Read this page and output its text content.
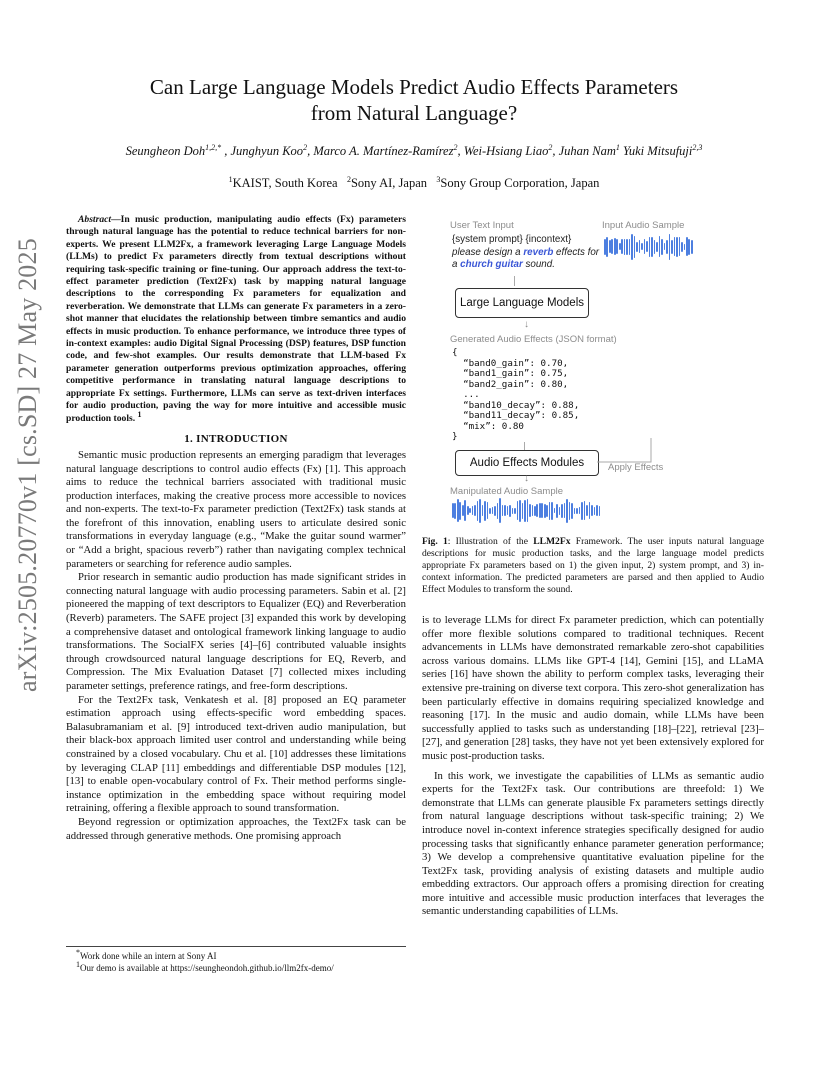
arXiv:2505.20770v1 [cs.SD] 27 May 2025
Can Large Language Models Predict Audio Effects Parameters
from Natural Language?
Seungheon Doh$^{1,2,*}$ , Junghyun Koo$^2$, Marco A. Martínez-Ramírez$^2$, Wei-Hsiang Liao$^2$, Juhan Nam$^1$ Yuki Mitsufuji$^{2,3}$
$^1$KAIST, South Korea $^2$Sony AI, Japan $^3$Sony Group Corporation, Japan

Abstract—In music production, manipulating audio effects (Fx) parameters through natural language has the potential to reduce technical barriers for non-experts. We present LLM2Fx, a framework leveraging Large Language Models (LLMs) to predict Fx parameters directly from textual descriptions without requiring task-specific training or fine-tuning. Our approach address the text-to-effect parameter prediction (Text2Fx) task by mapping natural language descriptions to the corresponding Fx parameters for equalization and reverberation. We demonstrate that LLMs can generate Fx parameters in a zero-shot manner that elucidates the relationship between timbre semantics and audio effects in music production. To enhance performance, we introduce three types of in-context examples: audio Digital Signal Processing (DSP) features, DSP function code, and few-shot examples. Our results demonstrate that LLM-based Fx parameter generation outperforms previous optimization approaches, offering competitive performance in translating natural language descriptions to appropriate Fx settings. Furthermore, LLMs can serve as text-driven interfaces for audio production, paving the way for more intuitive and accessible music production tools. $^1$

1. INTRODUCTION

Semantic music production represents an emerging paradigm that leverages natural language descriptions to control audio effects (Fx) [1]. This approach aims to reduce the technical barriers associated with traditional music production interfaces, making the creative process more accessible to novices and non-experts. The text-to-Fx parameter prediction (Text2Fx) task stands at the forefront of this innovation, enabling users to articulate desired sonic transformations in everyday language (e.g., “Make the guitar sound warmer” or “Add a bright, spacious reverb”) rather than navigating complex technical parameters or searching for reference audio samples.

Prior research in semantic audio production has made significant strides in connecting natural language with audio processing parameters. Sabin et al. [2] pioneered the mapping of text descriptors to Equalizer (EQ) and Reverberation (Reverb) parameters. The SAFE project [3] expanded this work by developing a comprehensive dataset and ontological framework linking language to audio transformations. The SocialFX series [4]–[6] contributed valuable insights through crowdsourced natural language descriptions for EQ, Reverb, and Compression. The Mix Evaluation Dataset [7] collected mixes including parameter settings, preference ratings, and free-form descriptions.

For the Text2Fx task, Venkatesh et al. [8] proposed an EQ parameter estimation approach using effects-specific word embedding spaces. Balasubramaniam et al. [9] introduced text-driven audio manipulation, but their black-box approach limited user control and understanding while being constrained by a closed vocabulary. Chu et al. [10] addresses these limitations by leveraging CLAP [11] embeddings and differentiable DSP modules [12], [13] to enable open-vocabulary control of Fx. Their method performs single-instance optimization in the embedding space without requiring model retraining, offering a flexible approach to sound transformation.

Beyond regression or optimization approaches, the Text2Fx task can be addressed through generative methods. One promising approach

*Work done while an intern at Sony AI

$^1$Our demo is available at https://seungheondoh.github.io/llm2fx-demo/

User Text Input	Input Audio Sample
{system prompt} {incontext}
please design a reverb effects for
a church guitar sound.
Large Language Models
↓
Generated Audio Effects (JSON format)
{
“band0_gain”: 0.70,
“band1_gain”: 0.75,
“band2_gain”: 0.80,
...
“band10_decay”: 0.88,
“band11_decay”: 0.85,
“mix”: 0.80
}
Audio Effects Modules	Apply Effects
↓
Manipulated Audio Sample

Fig. 1: Illustration of the LLM2Fx Framework. The user inputs natural language descriptions for music production tasks, and the large language model predicts appropriate Fx parameters based on 1) the given input, 2) system prompt, and 3) in-context information. The predicted parameters are parsed and then applied to Audio Effect Modules to transform the sound.

is to leverage LLMs for direct Fx parameter prediction, which can potentially offer more flexible solutions compared to traditional techniques. Recent advancements in LLMs have demonstrated remarkable zero-shot capabilities across various domains. LLMs like GPT-4 [14], Gemini [15], and LLaMA series [16] have shown the ability to perform complex tasks, leveraging their extensive pre-training on diverse text corpora. This zero-shot generalization has been particularly effective in domains requiring specialized knowledge and reasoning [17]. In the music and audio domain, while LLMs have been successfully applied to tasks such as understanding [18]–[22], retrieval [23]–[27], and generation [28] tasks, they have not yet been extensively explored for music post-production tasks.

In this work, we investigate the capabilities of LLMs as semantic audio experts for the Text2Fx task. Our contributions are threefold: 1) We demonstrate that LLMs can generate plausible Fx parameters settings directly from natural language descriptions without task-specific training; 2) We introduce novel in-context inference strategies specifically designed for audio processing tasks that significantly enhance parameter generation performance; 3) We develop a comprehensive quantitative evaluation pipeline for the Text2Fx task, providing analysis of existing datasets and multiple audio embedding extractors. Our approach offers a promising direction for creating more intuitive and accessible music production interfaces that leverages the semantic understanding capabilities of LLMs.
